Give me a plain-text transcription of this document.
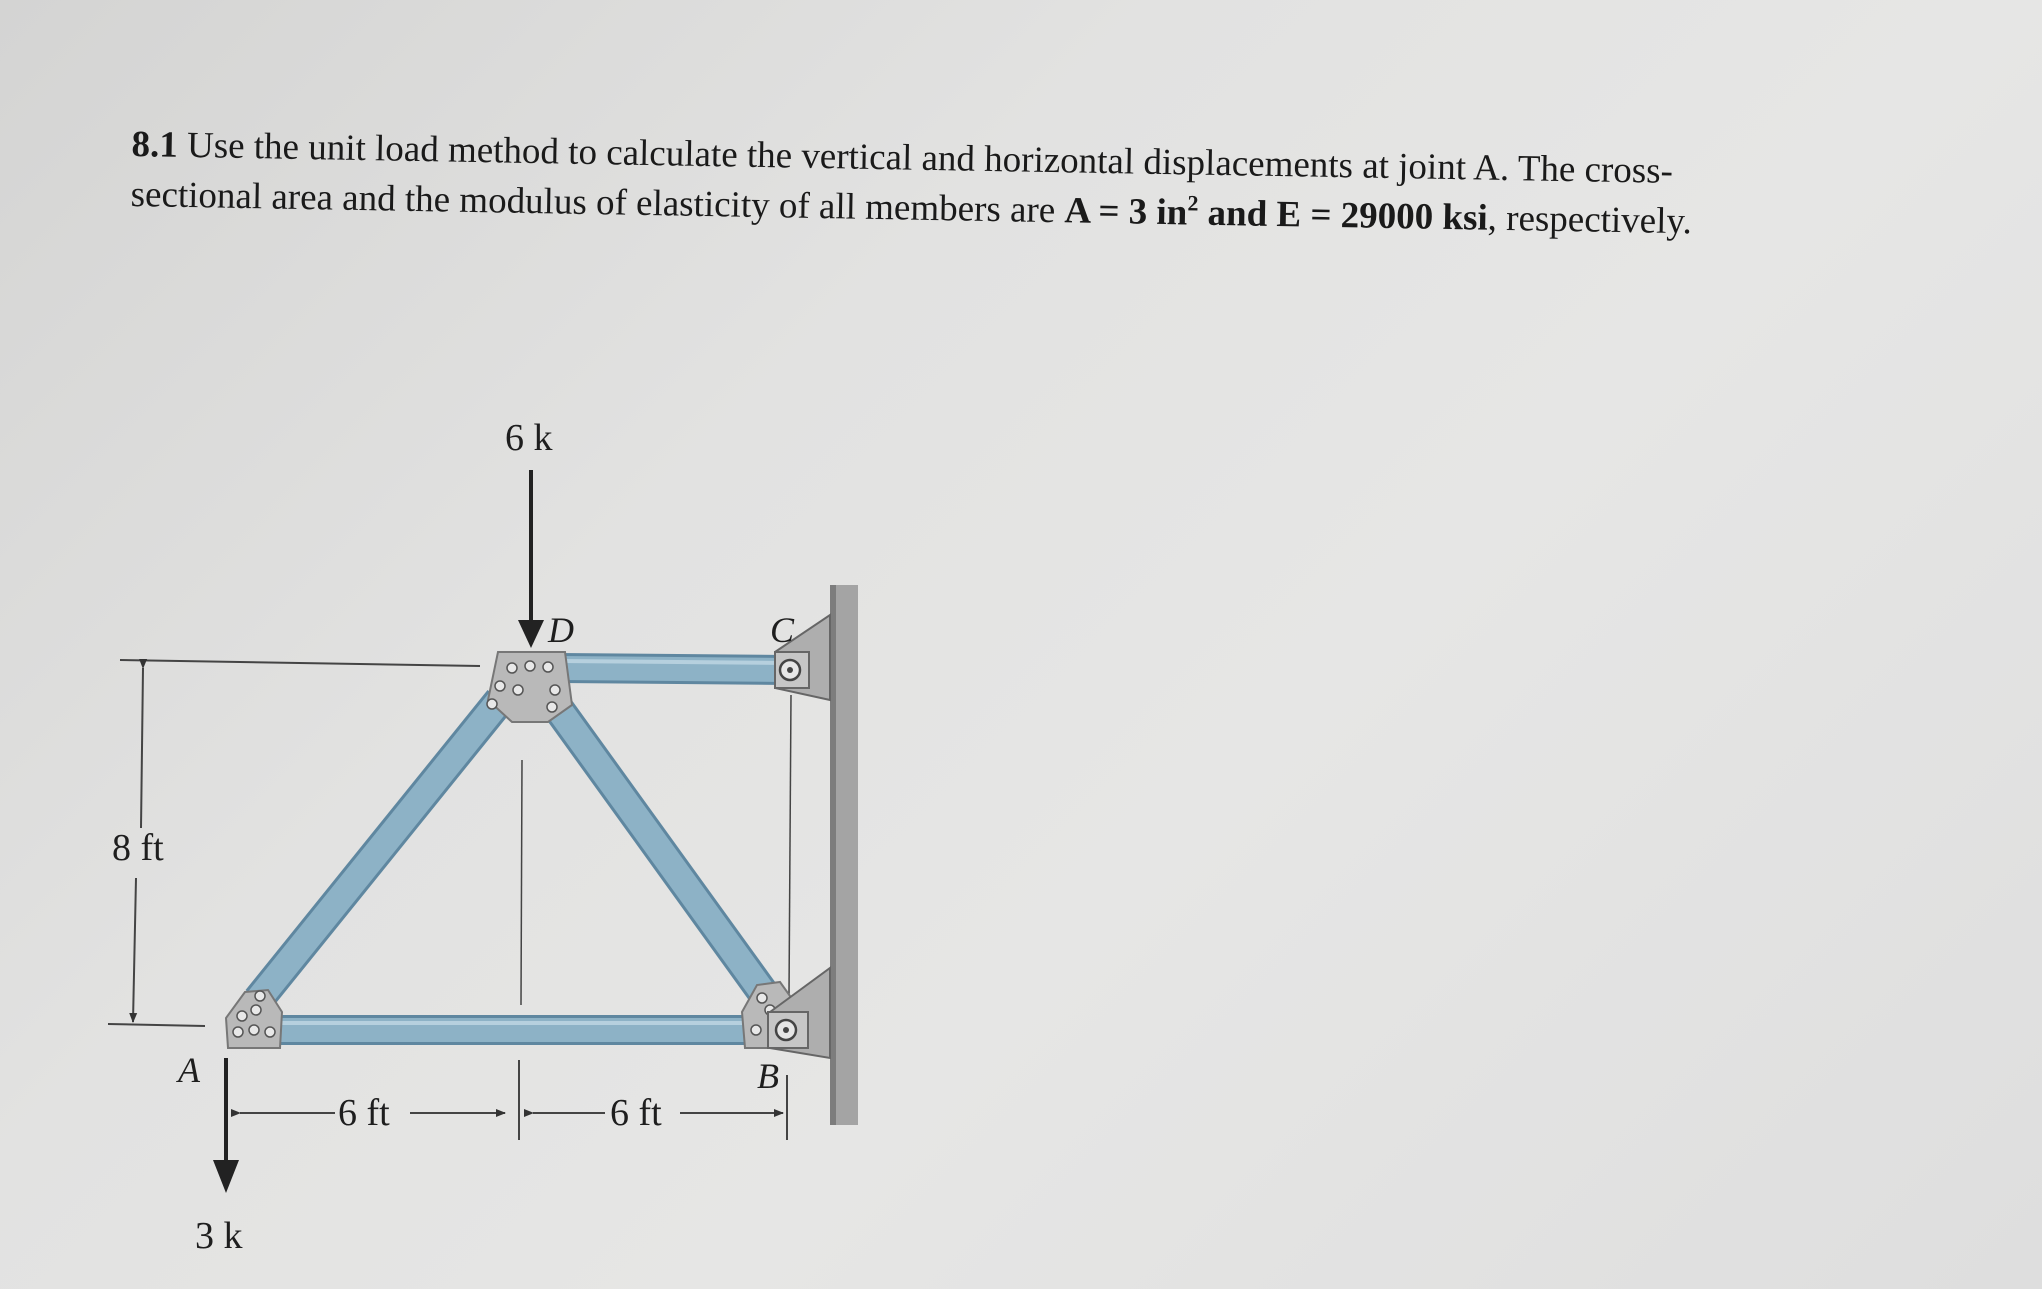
8.1 Use the unit load method to calculate the vertical and horizontal displacements at joint A. The cross-
sectional area and the modulus of elasticity of all members are A = 3 $in^2$ and E = 29000 ksi, respectively.
6 k
3 k
A	B
C
D
8 ft
6 ft	6 ft
